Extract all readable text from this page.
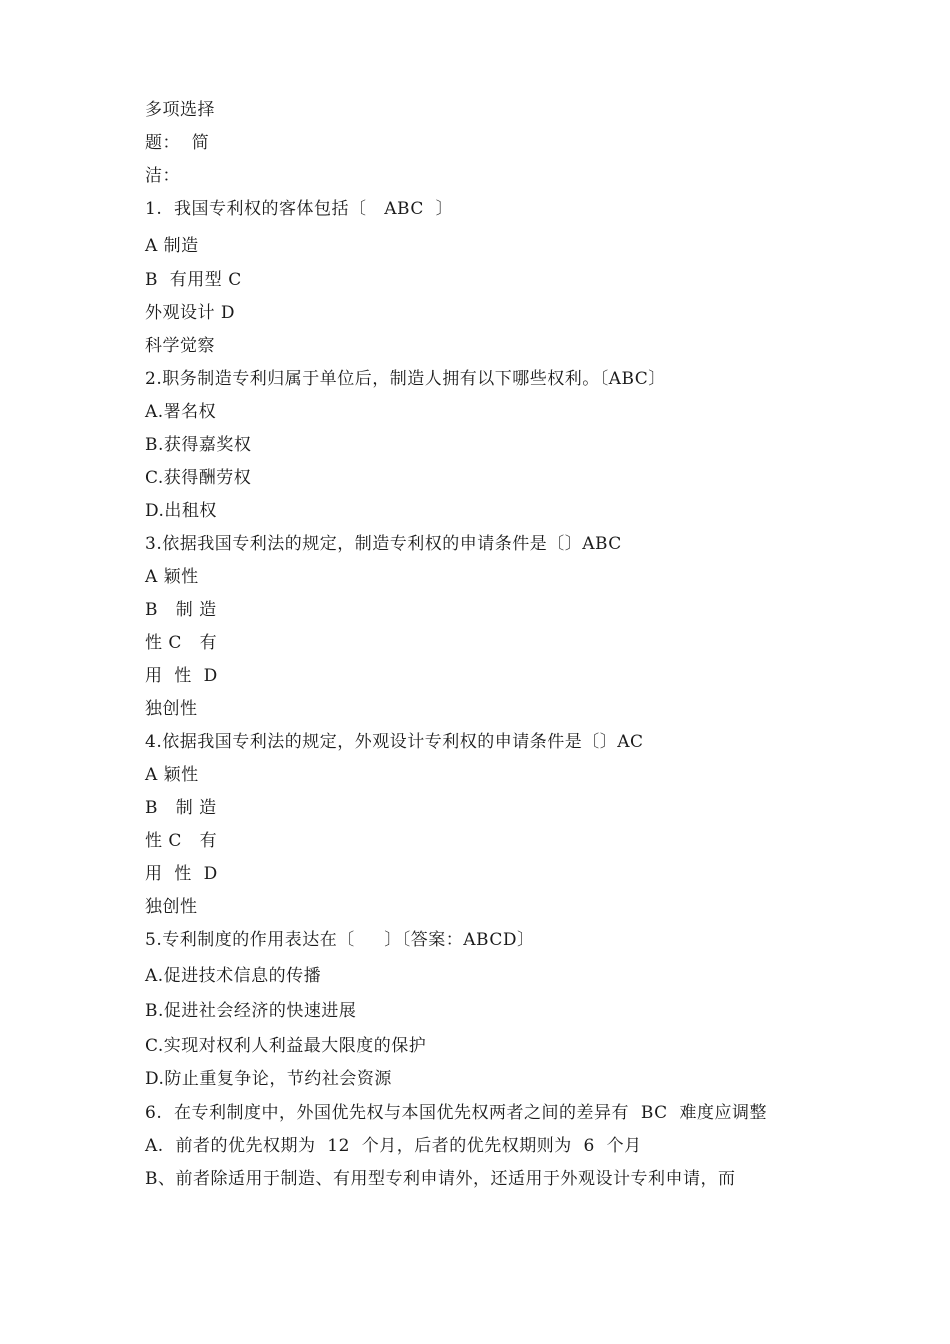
多项选择
题：  简
洁：
1.  我国专利权的客体包括〔   ABC  〕
A 制造
B  有用型 C
外观设计 D
科学觉察
2.职务制造专利归属于单位后，制造人拥有以下哪些权利。〔ABC〕
A.署名权
B.获得嘉奖权
C.获得酬劳权
D.出租权
3.依据我国专利法的规定，制造专利权的申请条件是〔〕ABC
A 颖性
B   制 造
性 C   有
用  性  D
独创性
4.依据我国专利法的规定，外观设计专利权的申请条件是〔〕AC
A 颖性
B   制 造
性 C   有
用  性  D
独创性
5.专利制度的作用表达在〔     〕〔答案：ABCD〕
A.促进技术信息的传播
B.促进社会经济的快速进展
C.实现对权利人利益最大限度的保护
D.防止重复争论，节约社会资源
6.  在专利制度中，外国优先权与本国优先权两者之间的差异有  BC  难度应调整
A.  前者的优先权期为  12  个月，后者的优先权期则为  6  个月
B、前者除适用于制造、有用型专利申请外，还适用于外观设计专利申请，而
